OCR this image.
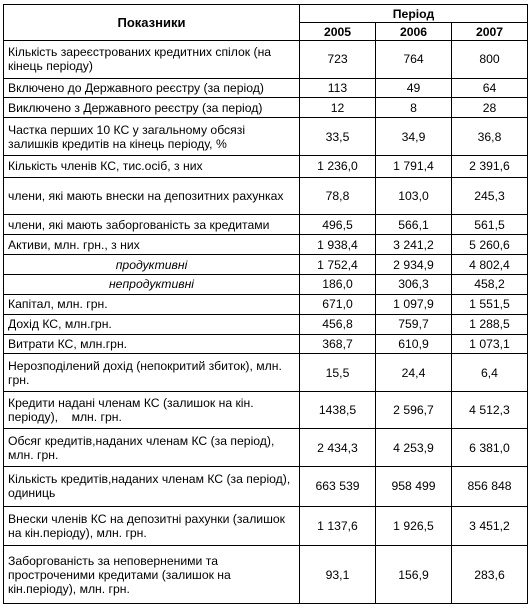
Показники	Період		
	2005	2006	2007
Кількість зареєстрованих кредитних спілок (на кінець періоду)	723	764	800
Включено до Державного реєстру (за період)	113	49	64
Виключено з Державного реєстру (за період)	12	8	28
Частка перших 10 КС у загальному обсязі залишків кредитів на кінець періоду, %	33,5	34,9	36,8
Кількість членів КС, тис.осіб, з них	1 236,0	1 791,4	2 391,6
члени, які мають внески на депозитних рахунках	78,8	103,0	245,3
члени, які мають заборгованість за кредитами	496,5	566,1	561,5
Активи, млн. грн., з них	1 938,4	3 241,2	5 260,6
продуктивні	1 752,4	2 934,9	4 802,4
непродуктивні	186,0	306,3	458,2
Капітал, млн. грн.	671,0	1 097,9	1 551,5
Дохід КС, млн.грн.	456,8	759,7	1 288,5
Витрати КС, млн.грн.	368,7	610,9	1 073,1
Нерозподілений дохід (непокритий збиток), млн. грн.	15,5	24,4	6,4
Кредити надані членам КС (залишок на кін. періоду),    млн. грн.	1438,5	2 596,7	4 512,3
Обсяг кредитів,наданих членам КС (за період), млн. грн.	2 434,3	4 253,9	6 381,0
Кількість кредитів,наданих членам КС (за період), одиниць	663 539	958 499	856 848
Внески членів КС на депозитні рахунки (залишок на кін.періоду), млн. грн.	1 137,6	1 926,5	3 451,2
Заборгованість за неповерненими та простроченими кредитами (залишок на кін.періоду), млн. грн.	93,1	156,9	283,6
